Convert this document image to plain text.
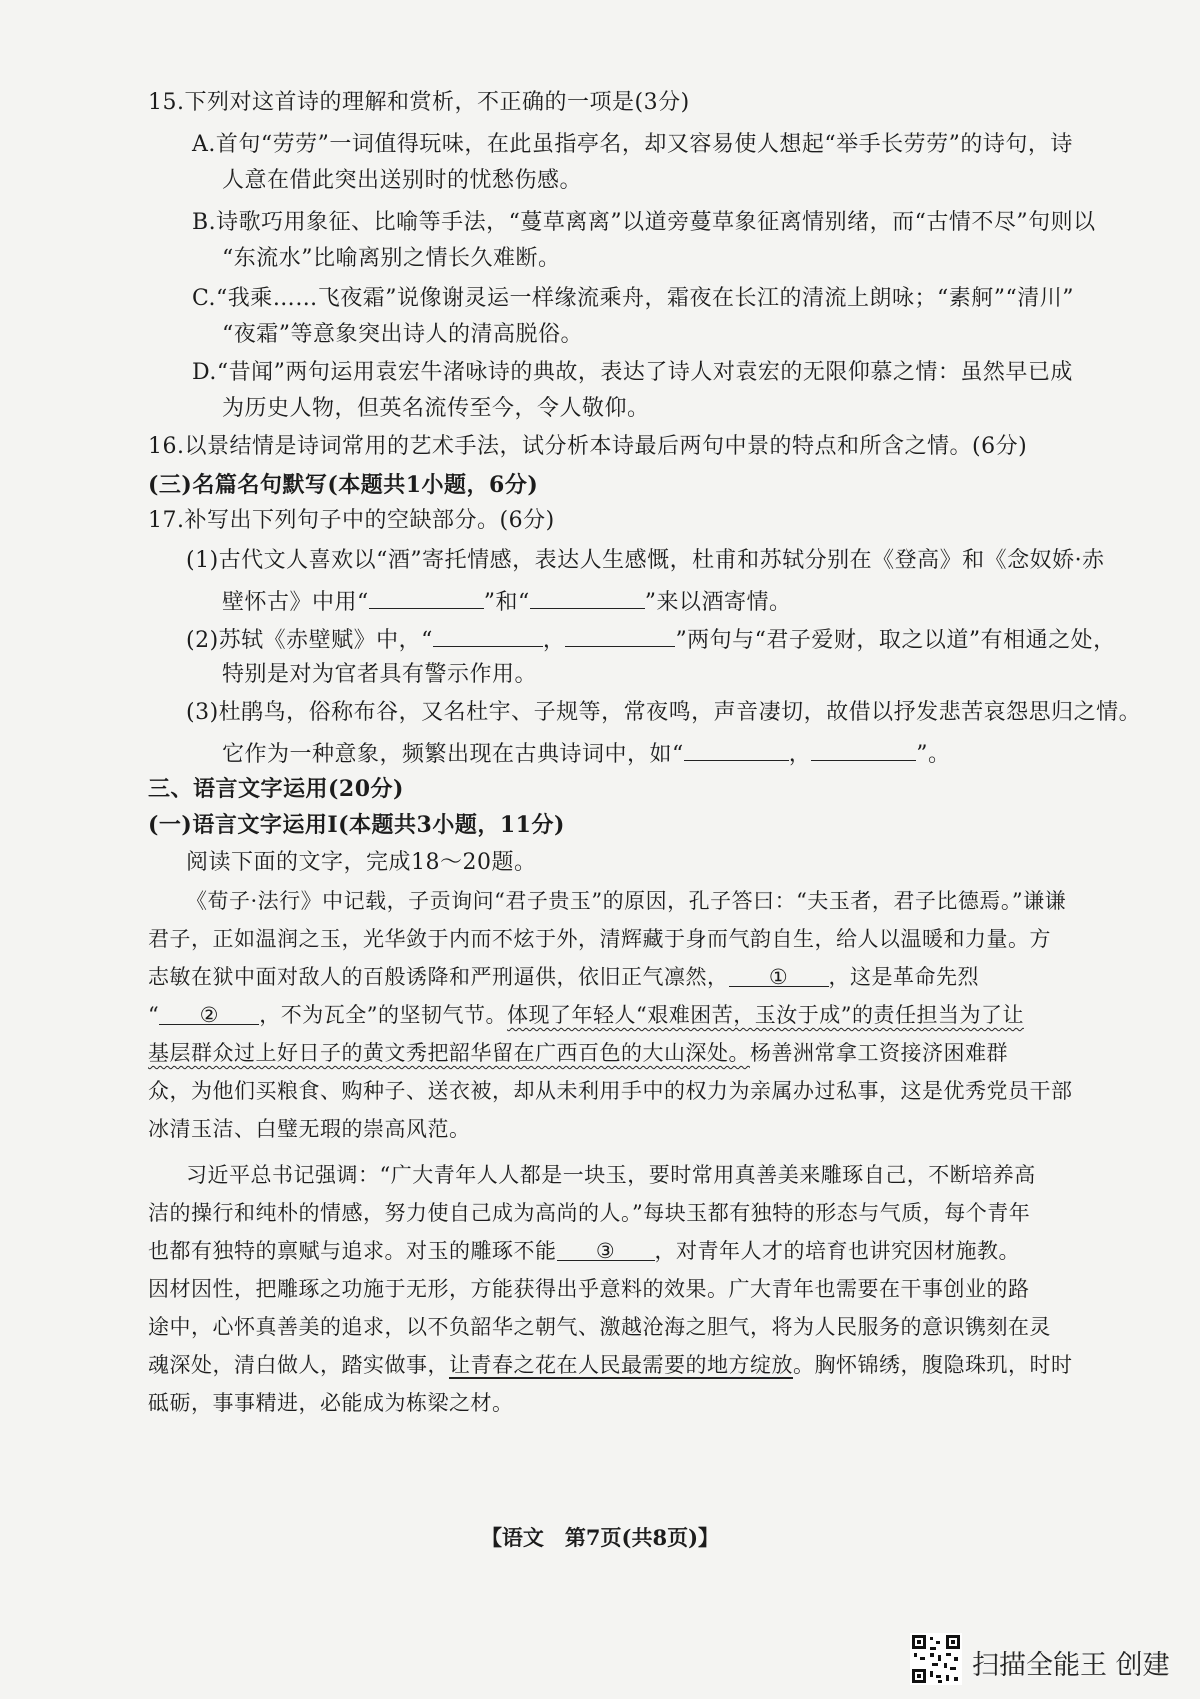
15.下列对这首诗的理解和赏析，不正确的一项是(3分)
A.首句“劳劳”一词值得玩味，在此虽指亭名，却又容易使人想起“举手长劳劳”的诗句，诗
人意在借此突出送别时的忧愁伤感。
B.诗歌巧用象征、比喻等手法，“蔓草离离”以道旁蔓草象征离情别绪，而“古情不尽”句则以
“东流水”比喻离别之情长久难断。
C.“我乘……飞夜霜”说像谢灵运一样缘流乘舟，霜夜在长江的清流上朗咏；“素舸”“清川”
“夜霜”等意象突出诗人的清高脱俗。
D.“昔闻”两句运用袁宏牛渚咏诗的典故，表达了诗人对袁宏的无限仰慕之情：虽然早已成
为历史人物，但英名流传至今，令人敬仰。
16.以景结情是诗词常用的艺术手法，试分析本诗最后两句中景的特点和所含之情。(6分)
(三)名篇名句默写(本题共1小题，6分)
17.补写出下列句子中的空缺部分。(6分)
(1)古代文人喜欢以“酒”寄托情感，表达人生感慨，杜甫和苏轼分别在《登高》和《念奴娇·赤
壁怀古》中用“	”和“	”来以酒寄情。
(2)苏轼《赤壁赋》中，“	，	”两句与“君子爱财，取之以道”有相通之处，
特别是对为官者具有警示作用。
(3)杜鹃鸟，俗称布谷，又名杜宇、子规等，常夜鸣，声音凄切，故借以抒发悲苦哀怨思归之情。
它作为一种意象，频繁出现在古典诗词中，如“	，	”。
三、语言文字运用(20分)
(一)语言文字运用Ⅰ(本题共3小题，11分)
阅读下面的文字，完成18～20题。
《荀子·法行》中记载，子贡询问“君子贵玉”的原因，孔子答曰：“夫玉者，君子比德焉。”谦谦
君子，正如温润之玉，光华敛于内而不炫于外，清辉藏于身而气韵自生，给人以温暖和力量。方
志敏在狱中面对敌人的百般诱降和严刑逼供，依旧正气凛然， ① ，这是革命先烈
“ ② ，不为瓦全”的坚韧气节。体现了年轻人“艰难困苦，玉汝于成”的责任担当为了让
基层群众过上好日子的黄文秀把韶华留在广西百色的大山深处。杨善洲常拿工资接济困难群
众，为他们买粮食、购种子、送衣被，却从未利用手中的权力为亲属办过私事，这是优秀党员干部
冰清玉洁、白璧无瑕的崇高风范。
习近平总书记强调：“广大青年人人都是一块玉，要时常用真善美来雕琢自己，不断培养高
洁的操行和纯朴的情感，努力使自己成为高尚的人。”每块玉都有独特的形态与气质，每个青年
也都有独特的禀赋与追求。对玉的雕琢不能 ③ ，对青年人才的培育也讲究因材施教。
因材因性，把雕琢之功施于无形，方能获得出乎意料的效果。广大青年也需要在干事创业的路
途中，心怀真善美的追求，以不负韶华之朝气、激越沧海之胆气，将为人民服务的意识镌刻在灵
魂深处，清白做人，踏实做事，让青春之花在人民最需要的地方绽放。胸怀锦绣，腹隐珠玑，时时
砥砺，事事精进，必能成为栋梁之材。
【语文　第7页(共8页)】
扫描全能王 创建
